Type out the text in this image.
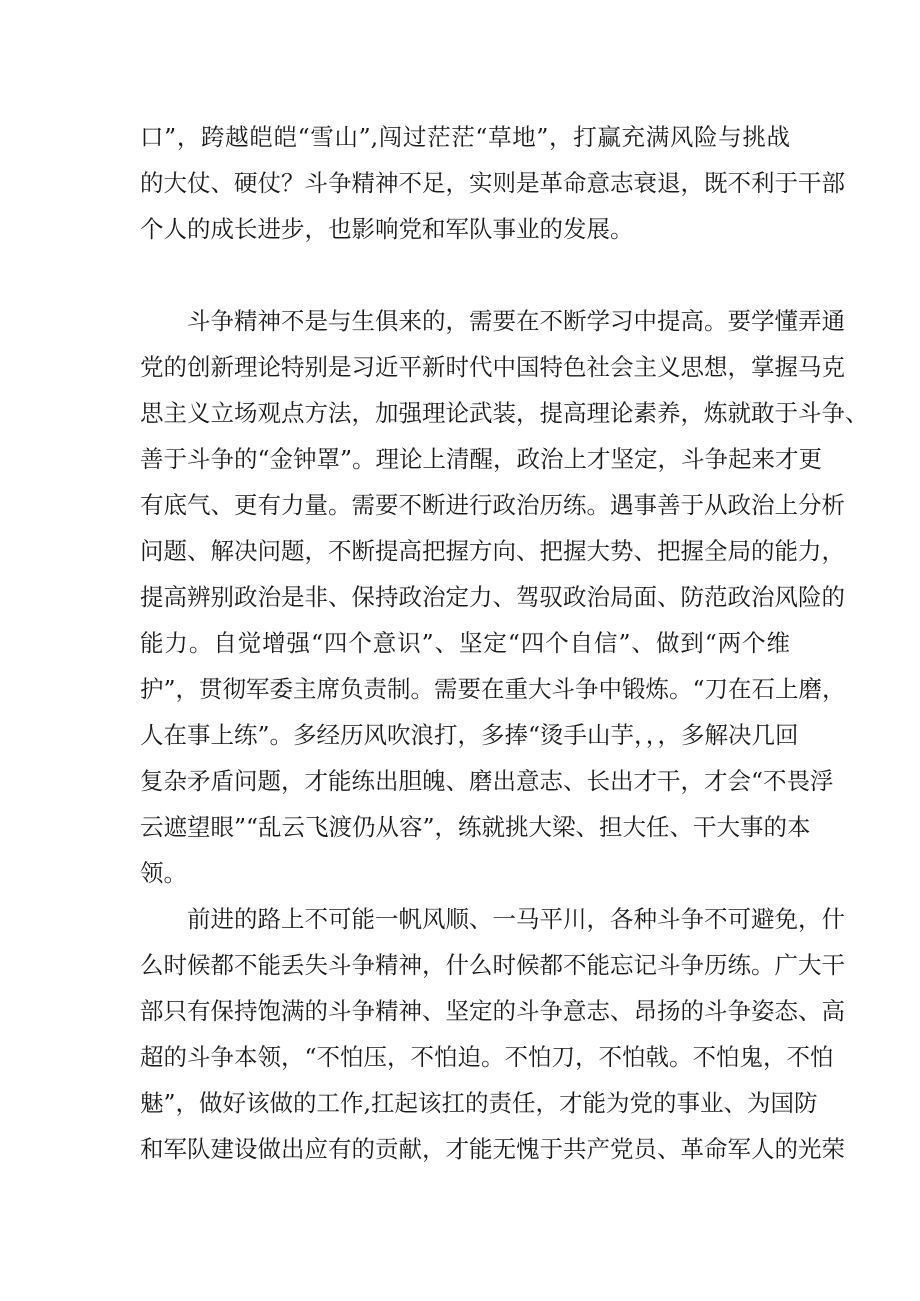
口”，跨越皑皑“雪山”,闯过茫茫“草地”，打赢充满风险与挑战
的大仗、硬仗？斗争精神不足，实则是革命意志衰退，既不利于干部
个人的成长进步，也影响党和军队事业的发展。
斗争精神不是与生俱来的，需要在不断学习中提高。要学懂弄通
党的创新理论特别是习近平新时代中国特色社会主义思想，掌握马克
思主义立场观点方法，加强理论武装，提高理论素养，炼就敢于斗争、
善于斗争的“金钟罩”。理论上清醒，政治上才坚定，斗争起来才更
有底气、更有力量。需要不断进行政治历练。遇事善于从政治上分析
问题、解决问题，不断提高把握方向、把握大势、把握全局的能力，
提高辨别政治是非、保持政治定力、驾驭政治局面、防范政治风险的
能力。自觉增强“四个意识”、坚定“四个自信”、做到“两个维
护”，贯彻军委主席负责制。需要在重大斗争中锻炼。“刀在石上磨，
人在事上练”。多经历风吹浪打，多捧“烫手山芋，，，多解决几回
复杂矛盾问题，才能练出胆魄、磨出意志、长出才干，才会“不畏浮
云遮望眼”“乱云飞渡仍从容”，练就挑大梁、担大任、干大事的本
领。
前进的路上不可能一帆风顺、一马平川，各种斗争不可避免，什
么时候都不能丢失斗争精神，什么时候都不能忘记斗争历练。广大干
部只有保持饱满的斗争精神、坚定的斗争意志、昂扬的斗争姿态、高
超的斗争本领，“不怕压，不怕迫。不怕刀，不怕戟。不怕鬼，不怕
魅”，做好该做的工作,扛起该扛的责任，才能为党的事业、为国防
和军队建设做出应有的贡献，才能无愧于共产党员、革命军人的光荣
